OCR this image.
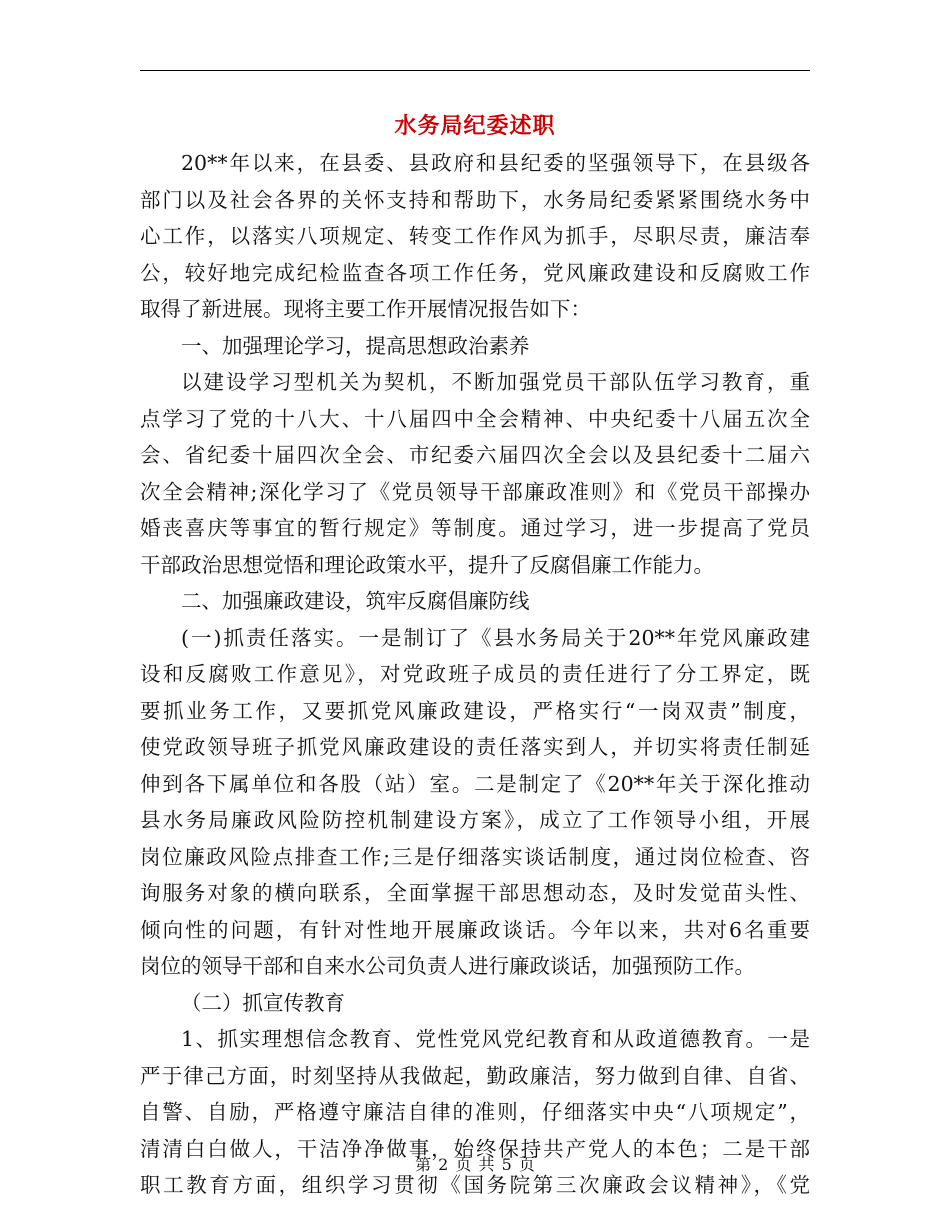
水务局纪委述职
20**年以来，在县委、县政府和县纪委的坚强领导下，在县级各
部门以及社会各界的关怀支持和帮助下，水务局纪委紧紧围绕水务中
心工作，以落实八项规定、转变工作作风为抓手，尽职尽责，廉洁奉
公，较好地完成纪检监查各项工作任务，党风廉政建设和反腐败工作
取得了新进展。现将主要工作开展情况报告如下：
一、加强理论学习，提高思想政治素养
以建设学习型机关为契机，不断加强党员干部队伍学习教育，重
点学习了党的十八大、十八届四中全会精神、中央纪委十八届五次全
会、省纪委十届四次全会、市纪委六届四次全会以及县纪委十二届六
次全会精神;深化学习了《党员领导干部廉政准则》和《党员干部操办
婚丧喜庆等事宜的暂行规定》等制度。通过学习，进一步提高了党员
干部政治思想觉悟和理论政策水平，提升了反腐倡廉工作能力。
二、加强廉政建设，筑牢反腐倡廉防线
(一)抓责任落实。一是制订了《县水务局关于20**年党风廉政建
设和反腐败工作意见》，对党政班子成员的责任进行了分工界定，既
要抓业务工作，又要抓党风廉政建设，严格实行“一岗双责”制度，
使党政领导班子抓党风廉政建设的责任落实到人，并切实将责任制延
伸到各下属单位和各股（站）室。二是制定了《20**年关于深化推动
县水务局廉政风险防控机制建设方案》，成立了工作领导小组，开展
岗位廉政风险点排查工作;三是仔细落实谈话制度，通过岗位检查、咨
询服务对象的横向联系，全面掌握干部思想动态，及时发觉苗头性、
倾向性的问题，有针对性地开展廉政谈话。今年以来，共对6名重要
岗位的领导干部和自来水公司负责人进行廉政谈话，加强预防工作。
（二）抓宣传教育
1、抓实理想信念教育、党性党风党纪教育和从政道德教育。一是
严于律己方面，时刻坚持从我做起，勤政廉洁，努力做到自律、自省、
自警、自励，严格遵守廉洁自律的准则，仔细落实中央“八项规定”，
清清白白做人，干洁净净做事，始终保持共产党人的本色；二是干部
职工教育方面，组织学习贯彻《国务院第三次廉政会议精神》，《党
第 2 页 共 5 页
